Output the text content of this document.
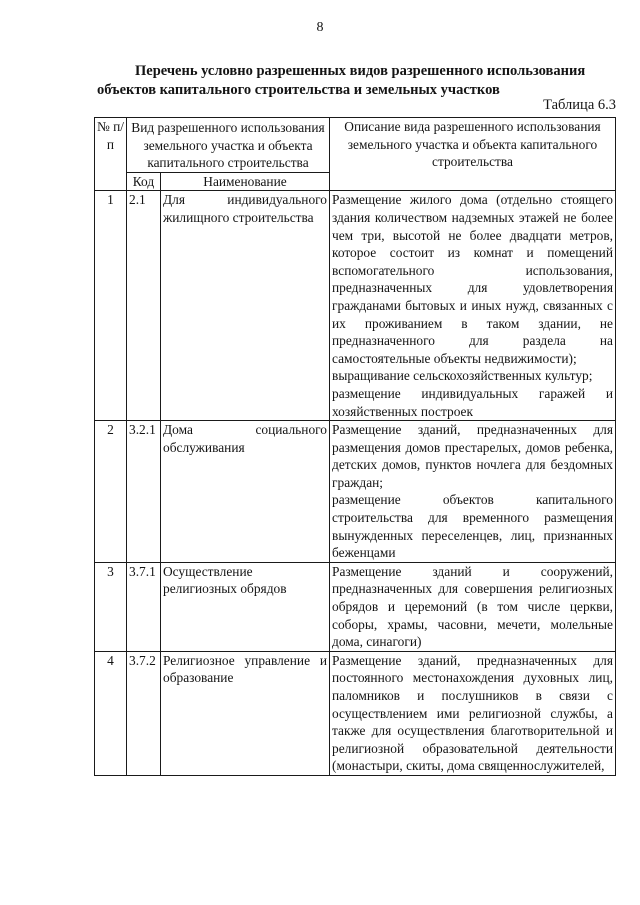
8
Перечень условно разрешенных видов разрешенного использования
объектов капитального строительства и земельных участков
Таблица 6.3
№ п/п	Вид разрешенного использования земельного участка и объекта капитального строительства		Описание вида разрешенного использования земельного участка и объекта капитального строительства
	Код	Наименование	
1	2.1	Для индивидуального жилищного строительства	Размещение жилого дома (отдельно стоящего здания количеством надземных этажей не более чем три, высотой не более двадцати метров, которое состоит из комнат и помещений вспомогательного использования, предназначенных для удовлетворения гражданами бытовых и иных нужд, связанных с их проживанием в таком здании, не предназначенного для раздела на самостоятельные объекты недвижимости);

выращивание сельскохозяйственных культур;

размещение индивидуальных гаражей и хозяйственных построек

2	3.2.1	Дома социального обслуживания	Размещение зданий, предназначенных для размещения домов престарелых, домов ребенка, детских домов, пунктов ночлега для бездомных граждан;

размещение объектов капитального строительства для временного размещения вынужденных переселенцев, лиц, признанных беженцами

3	3.7.1	Осуществление религиозных обрядов	Размещение зданий и сооружений, предназначенных для совершения религиозных обрядов и церемоний (в том числе церкви, соборы, храмы, часовни, мечети, молельные дома, синагоги)

4	3.7.2	Религиозное управление и образование	Размещение зданий, предназначенных для постоянного местонахождения духовных лиц, паломников и послушников в связи с осуществлением ими религиозной службы, а также для осуществления благотворительной и религиозной образовательной деятельности (монастыри, скиты, дома священнослужителей,
